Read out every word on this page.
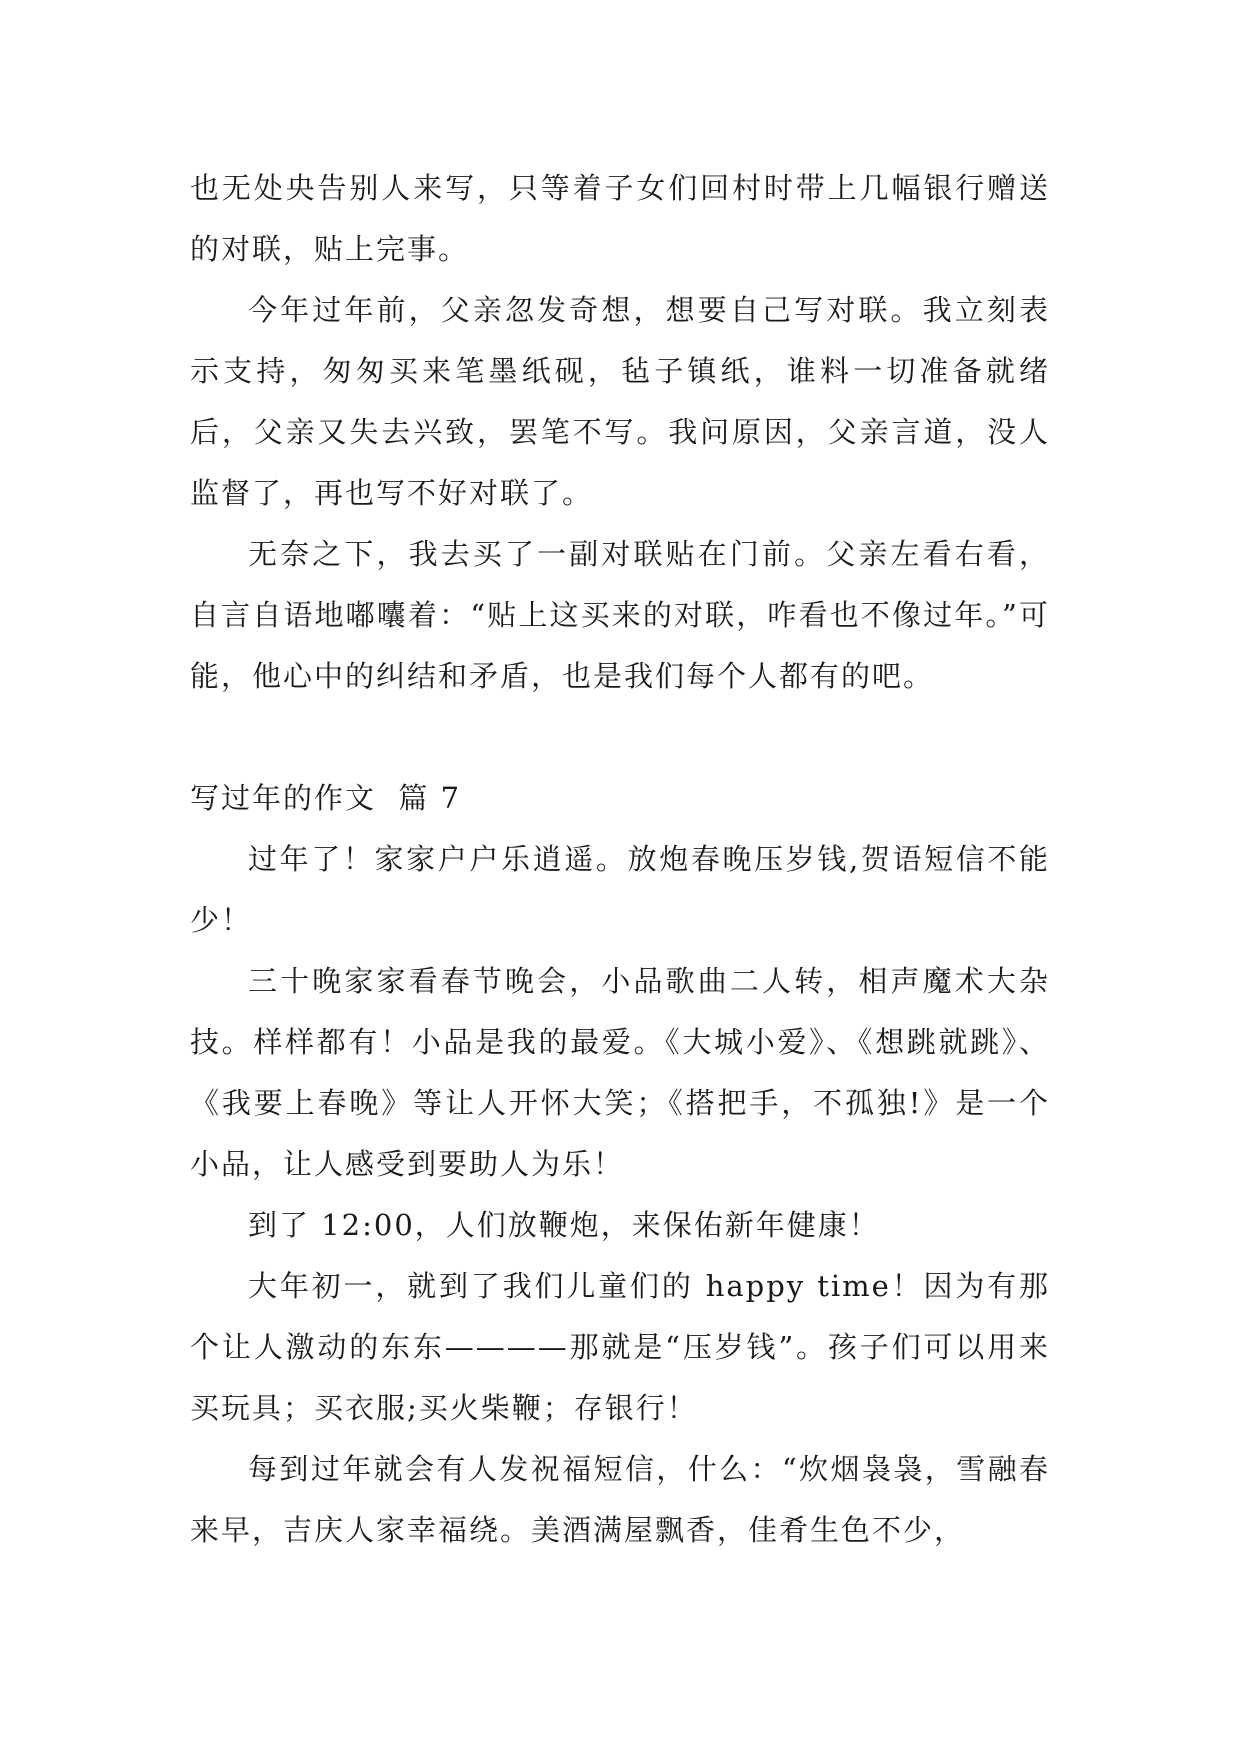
也无处央告别人来写，只等着子女们回村时带上几幅银行赠送的对联，贴上完事。

今年过年前，父亲忽发奇想，想要自己写对联。我立刻表示支持，匆匆买来笔墨纸砚，毡子镇纸，谁料一切准备就绪后，父亲又失去兴致，罢笔不写。我问原因，父亲言道，没人监督了，再也写不好对联了。

无奈之下，我去买了一副对联贴在门前。父亲左看右看，自言自语地嘟囔着：“贴上这买来的对联，咋看也不像过年。”可能，他心中的纠结和矛盾，也是我们每个人都有的吧。

写过年的作文  篇 7

过年了！家家户户乐逍遥。放炮春晚压岁钱,贺语短信不能少！

三十晚家家看春节晚会，小品歌曲二人转，相声魔术大杂技。样样都有！小品是我的最爱。《大城小爱》、《想跳就跳》、《我要上春晚》等让人开怀大笑；《搭把手，不孤独!》是一个小品，让人感受到要助人为乐！

到了 12:00，人们放鞭炮，来保佑新年健康！

大年初一，就到了我们儿童们的 happy time！因为有那个让人激动的东东————那就是“压岁钱”。孩子们可以用来买玩具；买衣服;买火柴鞭；存银行！

每到过年就会有人发祝福短信，什么：“炊烟袅袅，雪融春来早，吉庆人家幸福绕。美酒满屋飘香，佳肴生色不少，
